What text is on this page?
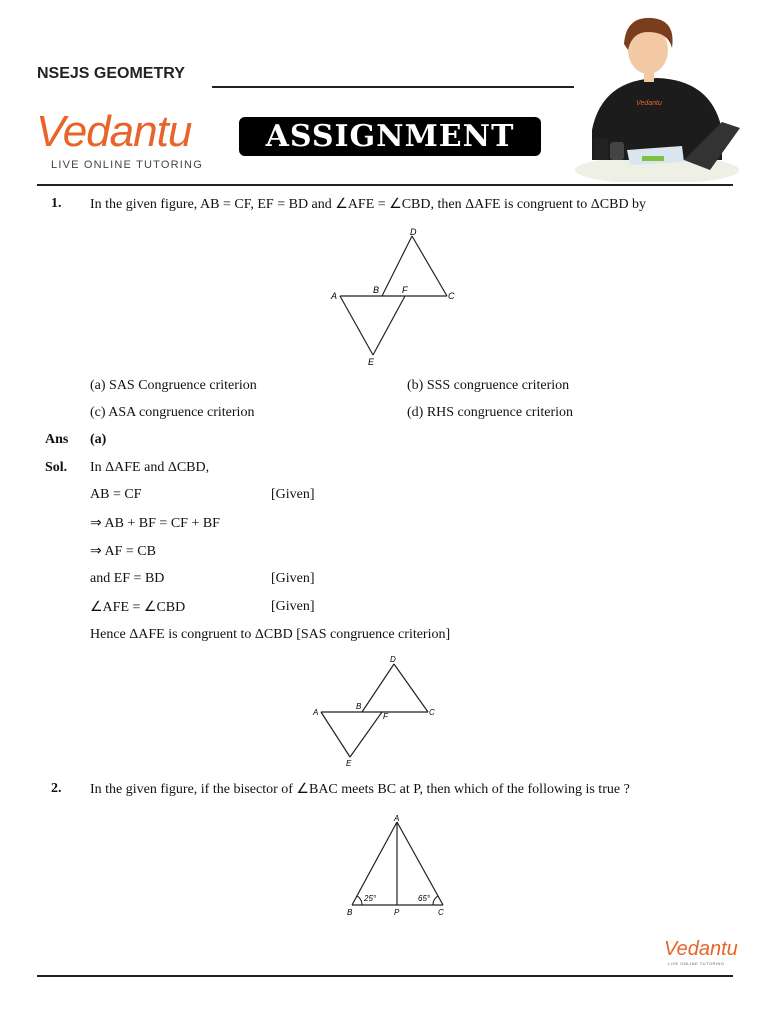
NSEJS GEOMETRY
Vedantu
LIVE ONLINE TUTORING
ASSIGNMENT
Vedantu
1. In the given figure, AB = CF, EF = BD and ∠AFE = ∠CBD, then ΔAFE is congruent to ΔCBD by
D
A
B	F
C
E
(a) SAS Congruence criterion	(b) SSS congruence criterion
(c) ASA congruence criterion	(d) RHS congruence criterion
Ans (a)
Sol. In ΔAFE and ΔCBD,
AB = CF	[Given]
⇒ AB + BF = CF + BF
⇒ AF = CB
and EF = BD	[Given]
∠AFE = ∠CBD	[Given]
Hence ΔAFE is congruent to ΔCBD [SAS congruence criterion]
D
A
B
F	C
E
2. In the given figure, if the bisector of ∠BAC meets BC at P, then which of the following is true ?
A
25°	65°
B	P	C
Vedantu
LIVE ONLINE TUTORING
